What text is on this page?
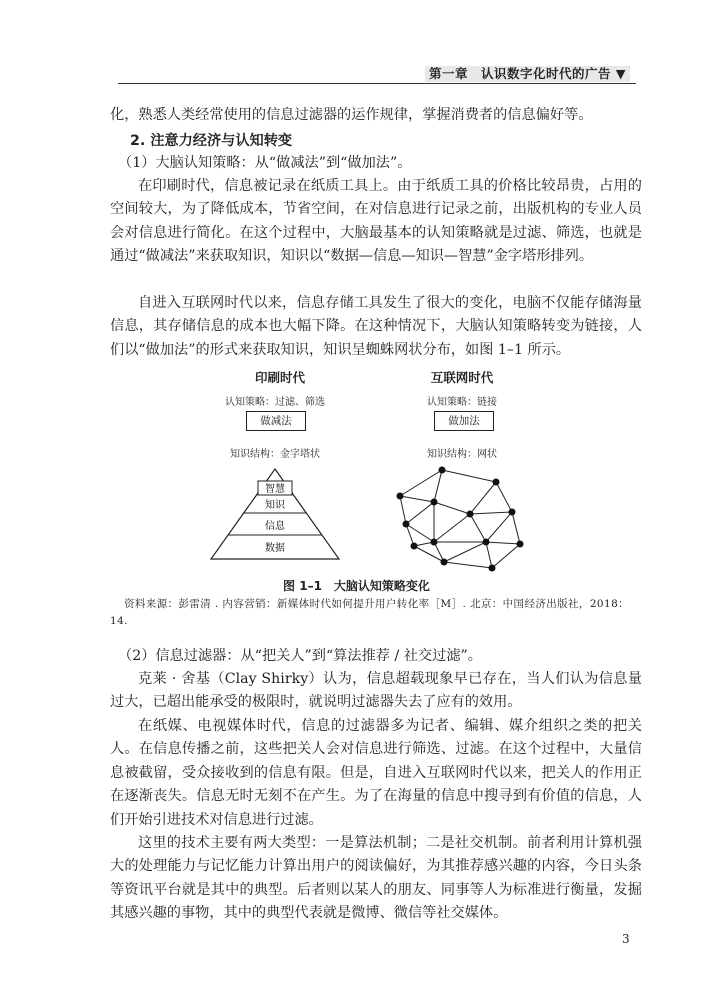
第一章　认识数字化时代的广告 ▼

化，熟悉人类经常使用的信息过滤器的运作规律，掌握消费者的信息偏好等。

2. 注意力经济与认知转变

（1）大脑认知策略：从“做减法”到“做加法”。

在印刷时代，信息被记录在纸质工具上。由于纸质工具的价格比较昂贵，占用的空间较大，为了降低成本，节省空间，在对信息进行记录之前，出版机构的专业人员会对信息进行简化。在这个过程中，大脑最基本的认知策略就是过滤、筛选，也就是通过“做减法”来获取知识，知识以“数据—信息—知识—智慧”金字塔形排列。

自进入互联网时代以来，信息存储工具发生了很大的变化，电脑不仅能存储海量信息，其存储信息的成本也大幅下降。在这种情况下，大脑认知策略转变为链接，人们以“做加法”的形式来获取知识，知识呈蜘蛛网状分布，如图 1–1 所示。

印刷时代
认知策略：过滤、筛选
做减法
知识结构：金字塔状
智慧
知识
信息
数据
互联网时代
认知策略：链接
做加法
知识结构：网状
图 1–1　大脑认知策略变化
资料来源：彭雷清 . 内容营销：新媒体时代如何提升用户转化率［M］. 北京：中国经济出版社，2018：14.

（2）信息过滤器：从“把关人”到“算法推荐 / 社交过滤”。

克莱 · 舍基（Clay Shirky）认为，信息超载现象早已存在，当人们认为信息量过大，已超出能承受的极限时，就说明过滤器失去了应有的效用。

在纸媒、电视媒体时代，信息的过滤器多为记者、编辑、媒介组织之类的把关人。在信息传播之前，这些把关人会对信息进行筛选、过滤。在这个过程中，大量信息被截留，受众接收到的信息有限。但是，自进入互联网时代以来，把关人的作用正在逐渐丧失。信息无时无刻不在产生。为了在海量的信息中搜寻到有价值的信息，人们开始引进技术对信息进行过滤。

这里的技术主要有两大类型：一是算法机制；二是社交机制。前者利用计算机强大的处理能力与记忆能力计算出用户的阅读偏好，为其推荐感兴趣的内容，今日头条等资讯平台就是其中的典型。后者则以某人的朋友、同事等人为标准进行衡量，发掘其感兴趣的事物，其中的典型代表就是微博、微信等社交媒体。

3
